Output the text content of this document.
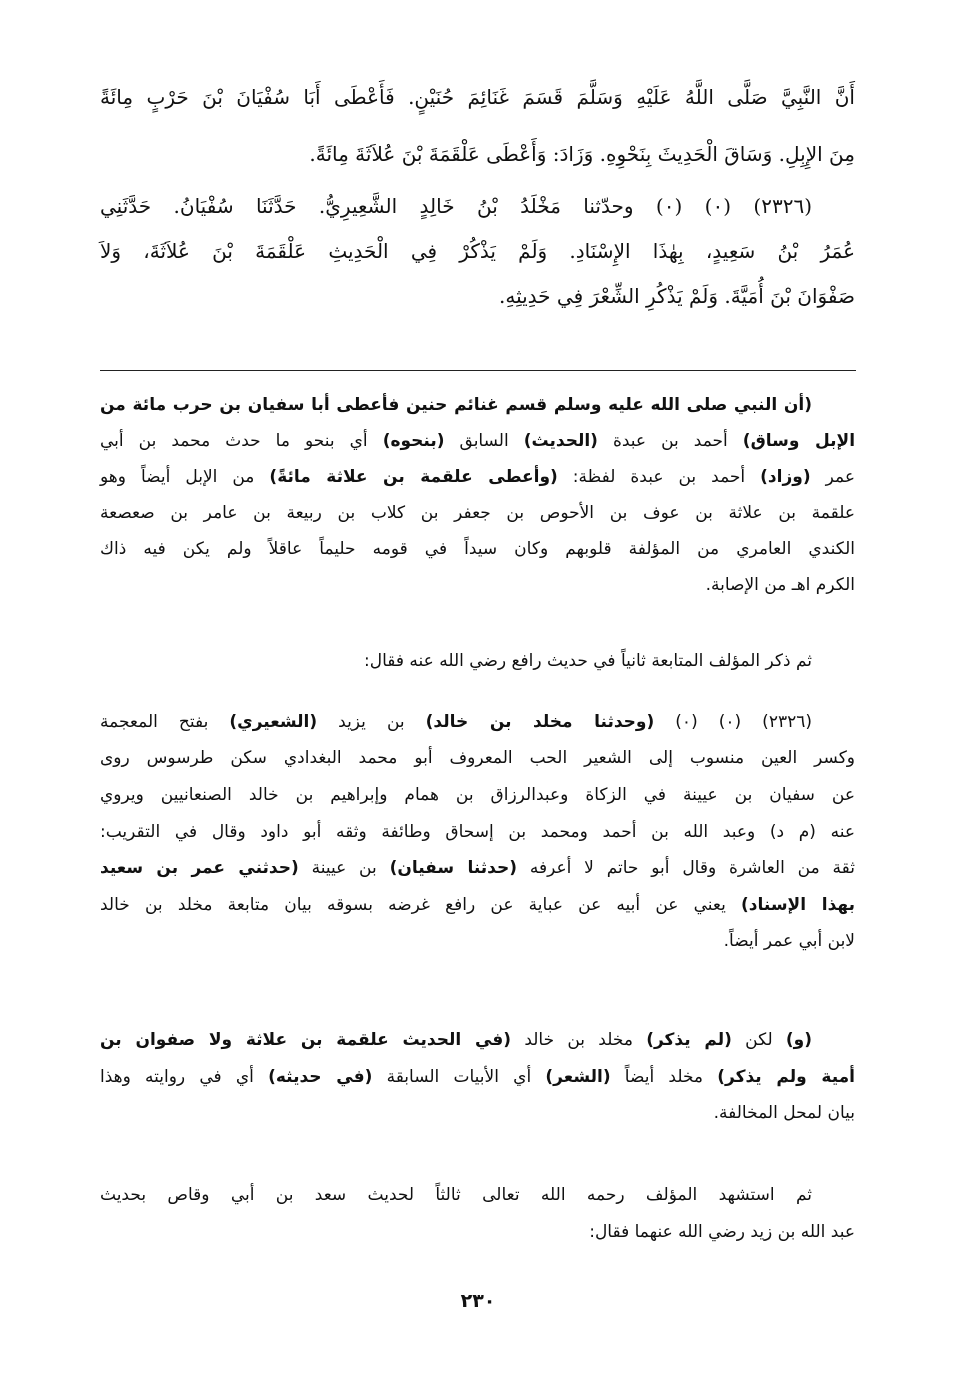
أَنَّ النَّبِيَّ صَلَّى اللَّهُ عَلَيْهِ وَسَلَّمَ قَسَمَ غَنَائِمَ حُنَيْنٍ. فَأَعْطَى أَبَا سُفْيَانَ بْنَ حَرْبٍ مِائَةً
مِنَ الإِبِلِ. وَسَاقَ الْحَدِيثَ بِنَحْوِهِ. وَزَادَ: وَأَعْطَى عَلْقَمَةَ بْنَ عُلاَثَةَ مِائَةً.
(٢٣٢٦) (٠) (٠) وحدّثنا مَخْلَدُ بْنُ خَالِدٍ الشَّعِيرِيُّ. حَدَّثَنَا سُفْيَانُ. حَدَّثَنِي
عُمَرُ بْنُ سَعِيدٍ، بِهٰذَا الإِسْنَادِ. وَلَمْ يَذْكُرْ فِي الْحَدِيثِ عَلْقَمَةَ بْنَ عُلاَثَةَ، وَلاَ
صَفْوَانَ بْنَ أُمَيَّةَ. وَلَمْ يَذْكُرِ الشِّعْرَ فِي حَدِيثِهِ.
(أن النبي صلى الله عليه وسلم قسم غنائم حنين فأعطى أبا سفيان بن حرب مائة من
الإبل وساق) أحمد بن عبدة (الحديث) السابق (بنحوه) أي بنحو ما حدث محمد بن أبي
عمر (وزاد) أحمد بن عبدة لفظة: (وأعطى علقمة بن علاثة مائةً) من الإبل أيضاً وهو
علقمة بن علاثة بن عوف بن الأحوص بن جعفر بن كلاب بن ربيعة بن عامر بن صعصعة
الكندي العامري من المؤلفة قلوبهم وكان سيداً في قومه حليماً عاقلاً ولم يكن فيه ذاك
الكرم اهـ من الإصابة.
ثم ذكر المؤلف المتابعة ثانياً في حديث رافع رضي الله عنه فقال:
(٢٣٢٦) (٠) (٠) (وحدثنا مخلد بن خالد) بن يزيد (الشعيري) بفتح المعجمة
وكسر العين منسوب إلى الشعير الحب المعروف أبو محمد البغدادي سكن طرسوس روى
عن سفيان بن عيينة في الزكاة وعبدالرزاق بن همام وإبراهيم بن خالد الصنعانيين ويروي
عنه (م د) وعبد الله بن أحمد ومحمد بن إسحاق وطائفة وثقه أبو داود وقال في التقريب:
ثقة من العاشرة وقال أبو حاتم لا أعرفه (حدثنا سفيان) بن عيينة (حدثني عمر بن سعيد
بهذا الإسناد) يعني عن أبيه عن عباية عن رافع غرضه بسوقه بيان متابعة مخلد بن خالد
لابن أبي عمر أيضاً.
(و) لكن (لم يذكر) مخلد بن خالد (في الحديث علقمة بن علاثة ولا صفوان بن
أمية ولم يذكر) مخلد أيضاً (الشعر) أي الأبيات السابقة (في حديثه) أي في روايته وهذا
بيان لمحل المخالفة.
ثم استشهد المؤلف رحمه الله تعالى ثالثاً لحديث سعد بن أبي وقاص بحديث
عبد الله بن زيد رضي الله عنهما فقال:
٢٣٠
